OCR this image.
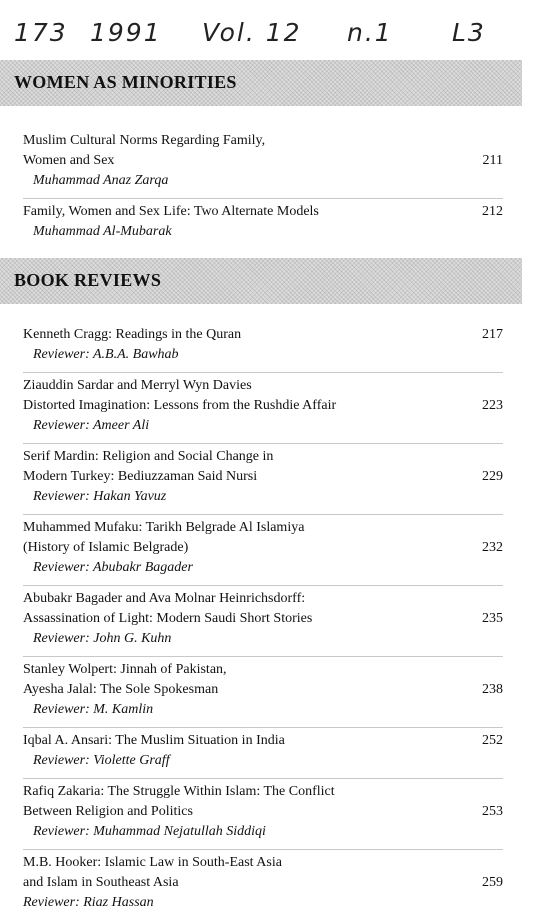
173 1991 Vol. 12 n.1 L3
WOMEN AS MINORITIES
Muslim Cultural Norms Regarding Family,
Women and Sex
Muhammad Anaz Zarqa
211
Family, Women and Sex Life: Two Alternate Models
Muhammad Al-Mubarak
212
BOOK REVIEWS
Kenneth Cragg: Readings in the Quran
Reviewer: A.B.A. Bawhab
217
Ziauddin Sardar and Merryl Wyn Davies
Distorted Imagination: Lessons from the Rushdie Affair
Reviewer: Ameer Ali
223
Serif Mardin: Religion and Social Change in
Modern Turkey: Bediuzzaman Said Nursi
Reviewer: Hakan Yavuz
229
Muhammed Mufaku: Tarikh Belgrade Al Islamiya
(History of Islamic Belgrade)
Reviewer: Abubakr Bagader
232
Abubakr Bagader and Ava Molnar Heinrichsdorff:
Assassination of Light: Modern Saudi Short Stories
Reviewer: John G. Kuhn
235
Stanley Wolpert: Jinnah of Pakistan,
Ayesha Jalal: The Sole Spokesman
Reviewer: M. Kamlin
238
Iqbal A. Ansari: The Muslim Situation in India
Reviewer: Violette Graff
252
Rafiq Zakaria: The Struggle Within Islam: The Conflict
Between Religion and Politics
Reviewer: Muhammad Nejatullah Siddiqi
253
M.B. Hooker: Islamic Law in South-East Asia
and Islam in Southeast Asia
Reviewer: Riaz Hassan
259
